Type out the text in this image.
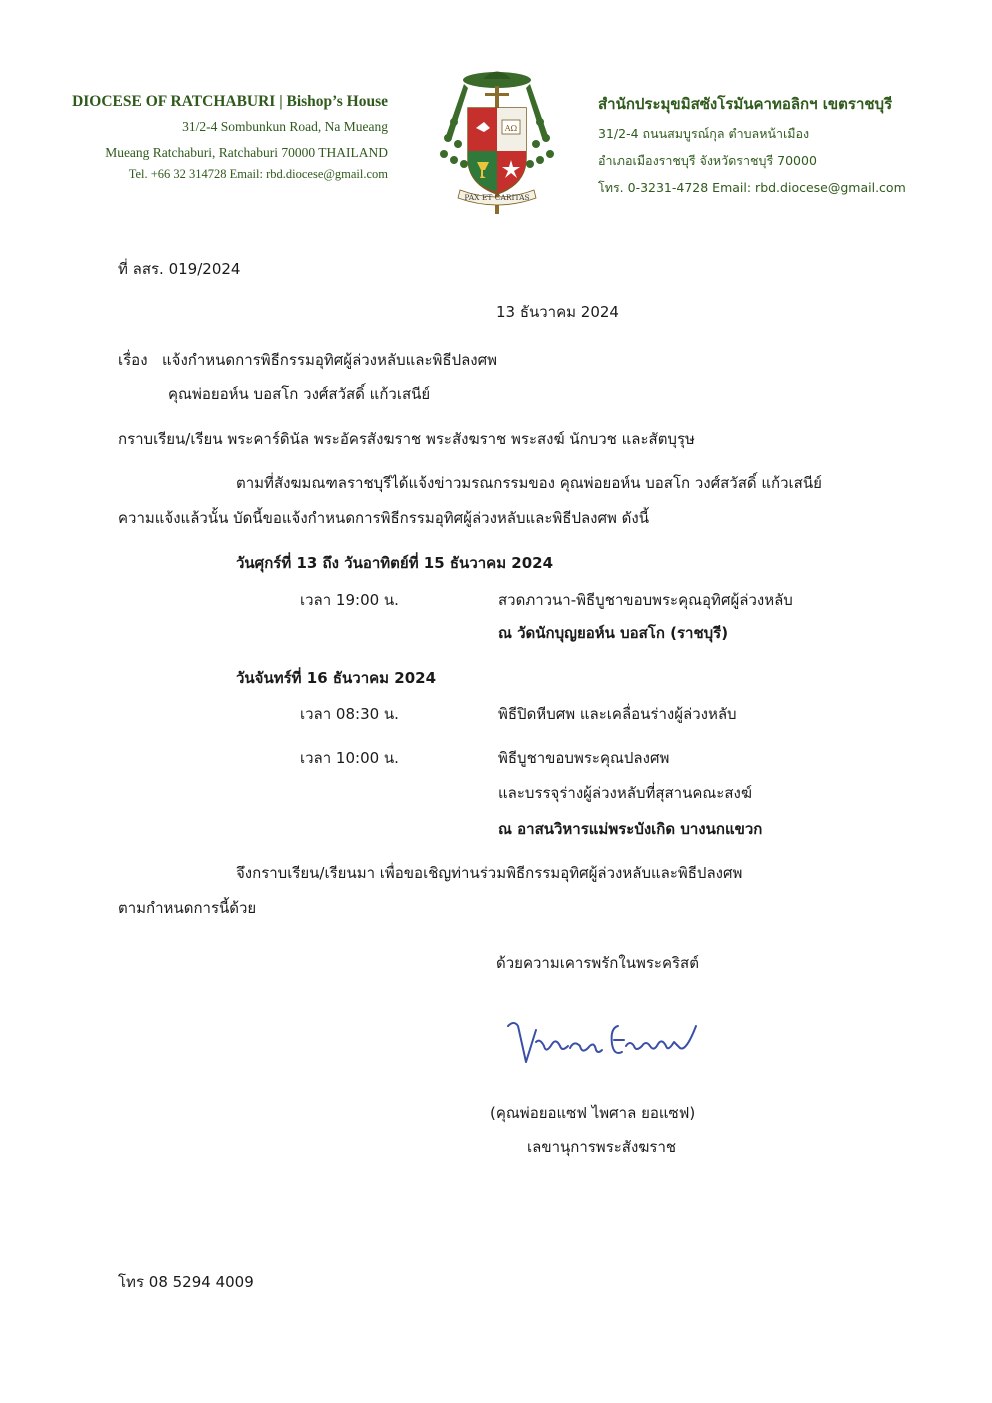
DIOCESE OF RATCHABURI | Bishop’s House
31/2-4 Sombunkun Road, Na Mueang
Mueang Ratchaburi, Ratchaburi 70000 THAILAND
Tel. +66 32 314728 Email: rbd.diocese@gmail.com
AΩ
PAX ET CARITAS
สำนักประมุขมิสซังโรมันคาทอลิกฯ เขตราชบุรี
31/2-4 ถนนสมบูรณ์กุล ตำบลหน้าเมือง
อำเภอเมืองราชบุรี จังหวัดราชบุรี 70000
โทร. 0-3231-4728 Email: rbd.diocese@gmail.com
ที่ ลสร. 019/2024
13 ธันวาคม 2024
เรื่อง แจ้งกำหนดการพิธีกรรมอุทิศผู้ล่วงหลับและพิธีปลงศพ
คุณพ่อยอห์น บอสโก วงศ์สวัสดิ์ แก้วเสนีย์
กราบเรียน/เรียน พระคาร์ดินัล พระอัครสังฆราช พระสังฆราช พระสงฆ์ นักบวช และสัตบุรุษ
ตามที่สังฆมณฑลราชบุรีได้แจ้งข่าวมรณกรรมของ คุณพ่อยอห์น บอสโก วงศ์สวัสดิ์ แก้วเสนีย์
ความแจ้งแล้วนั้น บัดนี้ขอแจ้งกำหนดการพิธีกรรมอุทิศผู้ล่วงหลับและพิธีปลงศพ ดังนี้
วันศุกร์ที่ 13 ถึง วันอาทิตย์ที่ 15 ธันวาคม 2024
เวลา 19:00 น.	สวดภาวนา-พิธีบูชาขอบพระคุณอุทิศผู้ล่วงหลับ
ณ วัดนักบุญยอห์น บอสโก (ราชบุรี)
วันจันทร์ที่ 16 ธันวาคม 2024
เวลา 08:30 น.	พิธีปิดหีบศพ และเคลื่อนร่างผู้ล่วงหลับ
เวลา 10:00 น.	พิธีบูชาขอบพระคุณปลงศพ
และบรรจุร่างผู้ล่วงหลับที่สุสานคณะสงฆ์
ณ อาสนวิหารแม่พระบังเกิด บางนกแขวก
จึงกราบเรียน/เรียนมา เพื่อขอเชิญท่านร่วมพิธีกรรมอุทิศผู้ล่วงหลับและพิธีปลงศพ
ตามกำหนดการนี้ด้วย
ด้วยความเคารพรักในพระคริสต์
(คุณพ่อยอแซฟ ไพศาล ยอแซฟ)
เลขานุการพระสังฆราช
โทร 08 5294 4009
